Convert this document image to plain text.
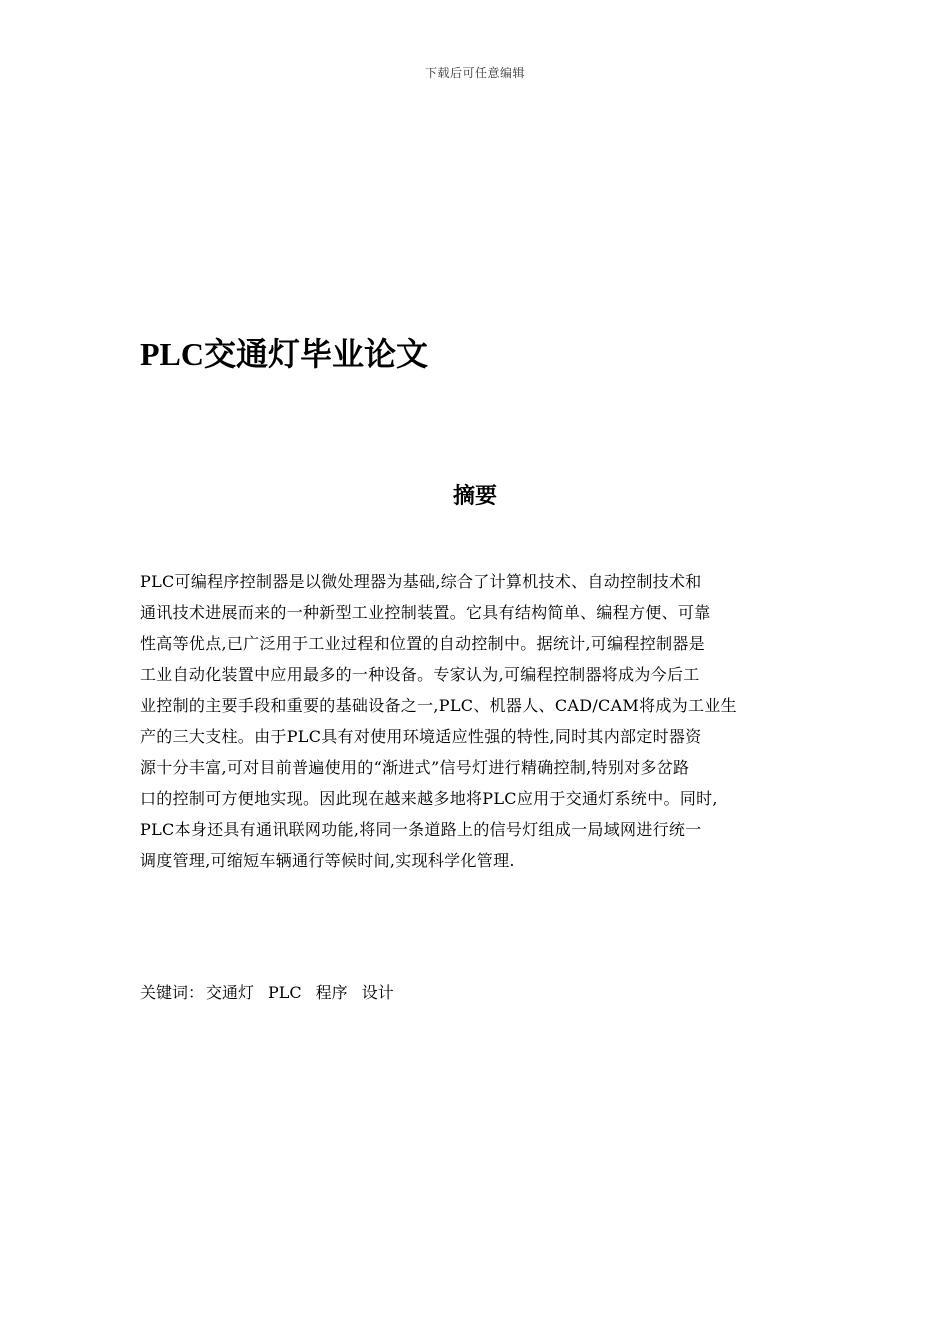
下载后可任意编辑
PLC交通灯毕业论文
摘要
PLC可编程序控制器是以微处理器为基础,综合了计算机技术、自动控制技术和
通讯技术进展而来的一种新型工业控制装置。它具有结构简单、编程方便、可靠
性高等优点,已广泛用于工业过程和位置的自动控制中。据统计,可编程控制器是
工业自动化装置中应用最多的一种设备。专家认为,可编程控制器将成为今后工
业控制的主要手段和重要的基础设备之一,PLC、机器人、CAD/CAM将成为工业生
产的三大支柱。由于PLC具有对使用环境适应性强的特性,同时其内部定时器资
源十分丰富,可对目前普遍使用的“渐进式”信号灯进行精确控制,特别对多岔路
口的控制可方便地实现。因此现在越来越多地将PLC应用于交通灯系统中。同时,
PLC本身还具有通讯联网功能,将同一条道路上的信号灯组成一局域网进行统一
调度管理,可缩短车辆通行等候时间,实现科学化管理.
关键词： 交通灯 PLC 程序 设计
